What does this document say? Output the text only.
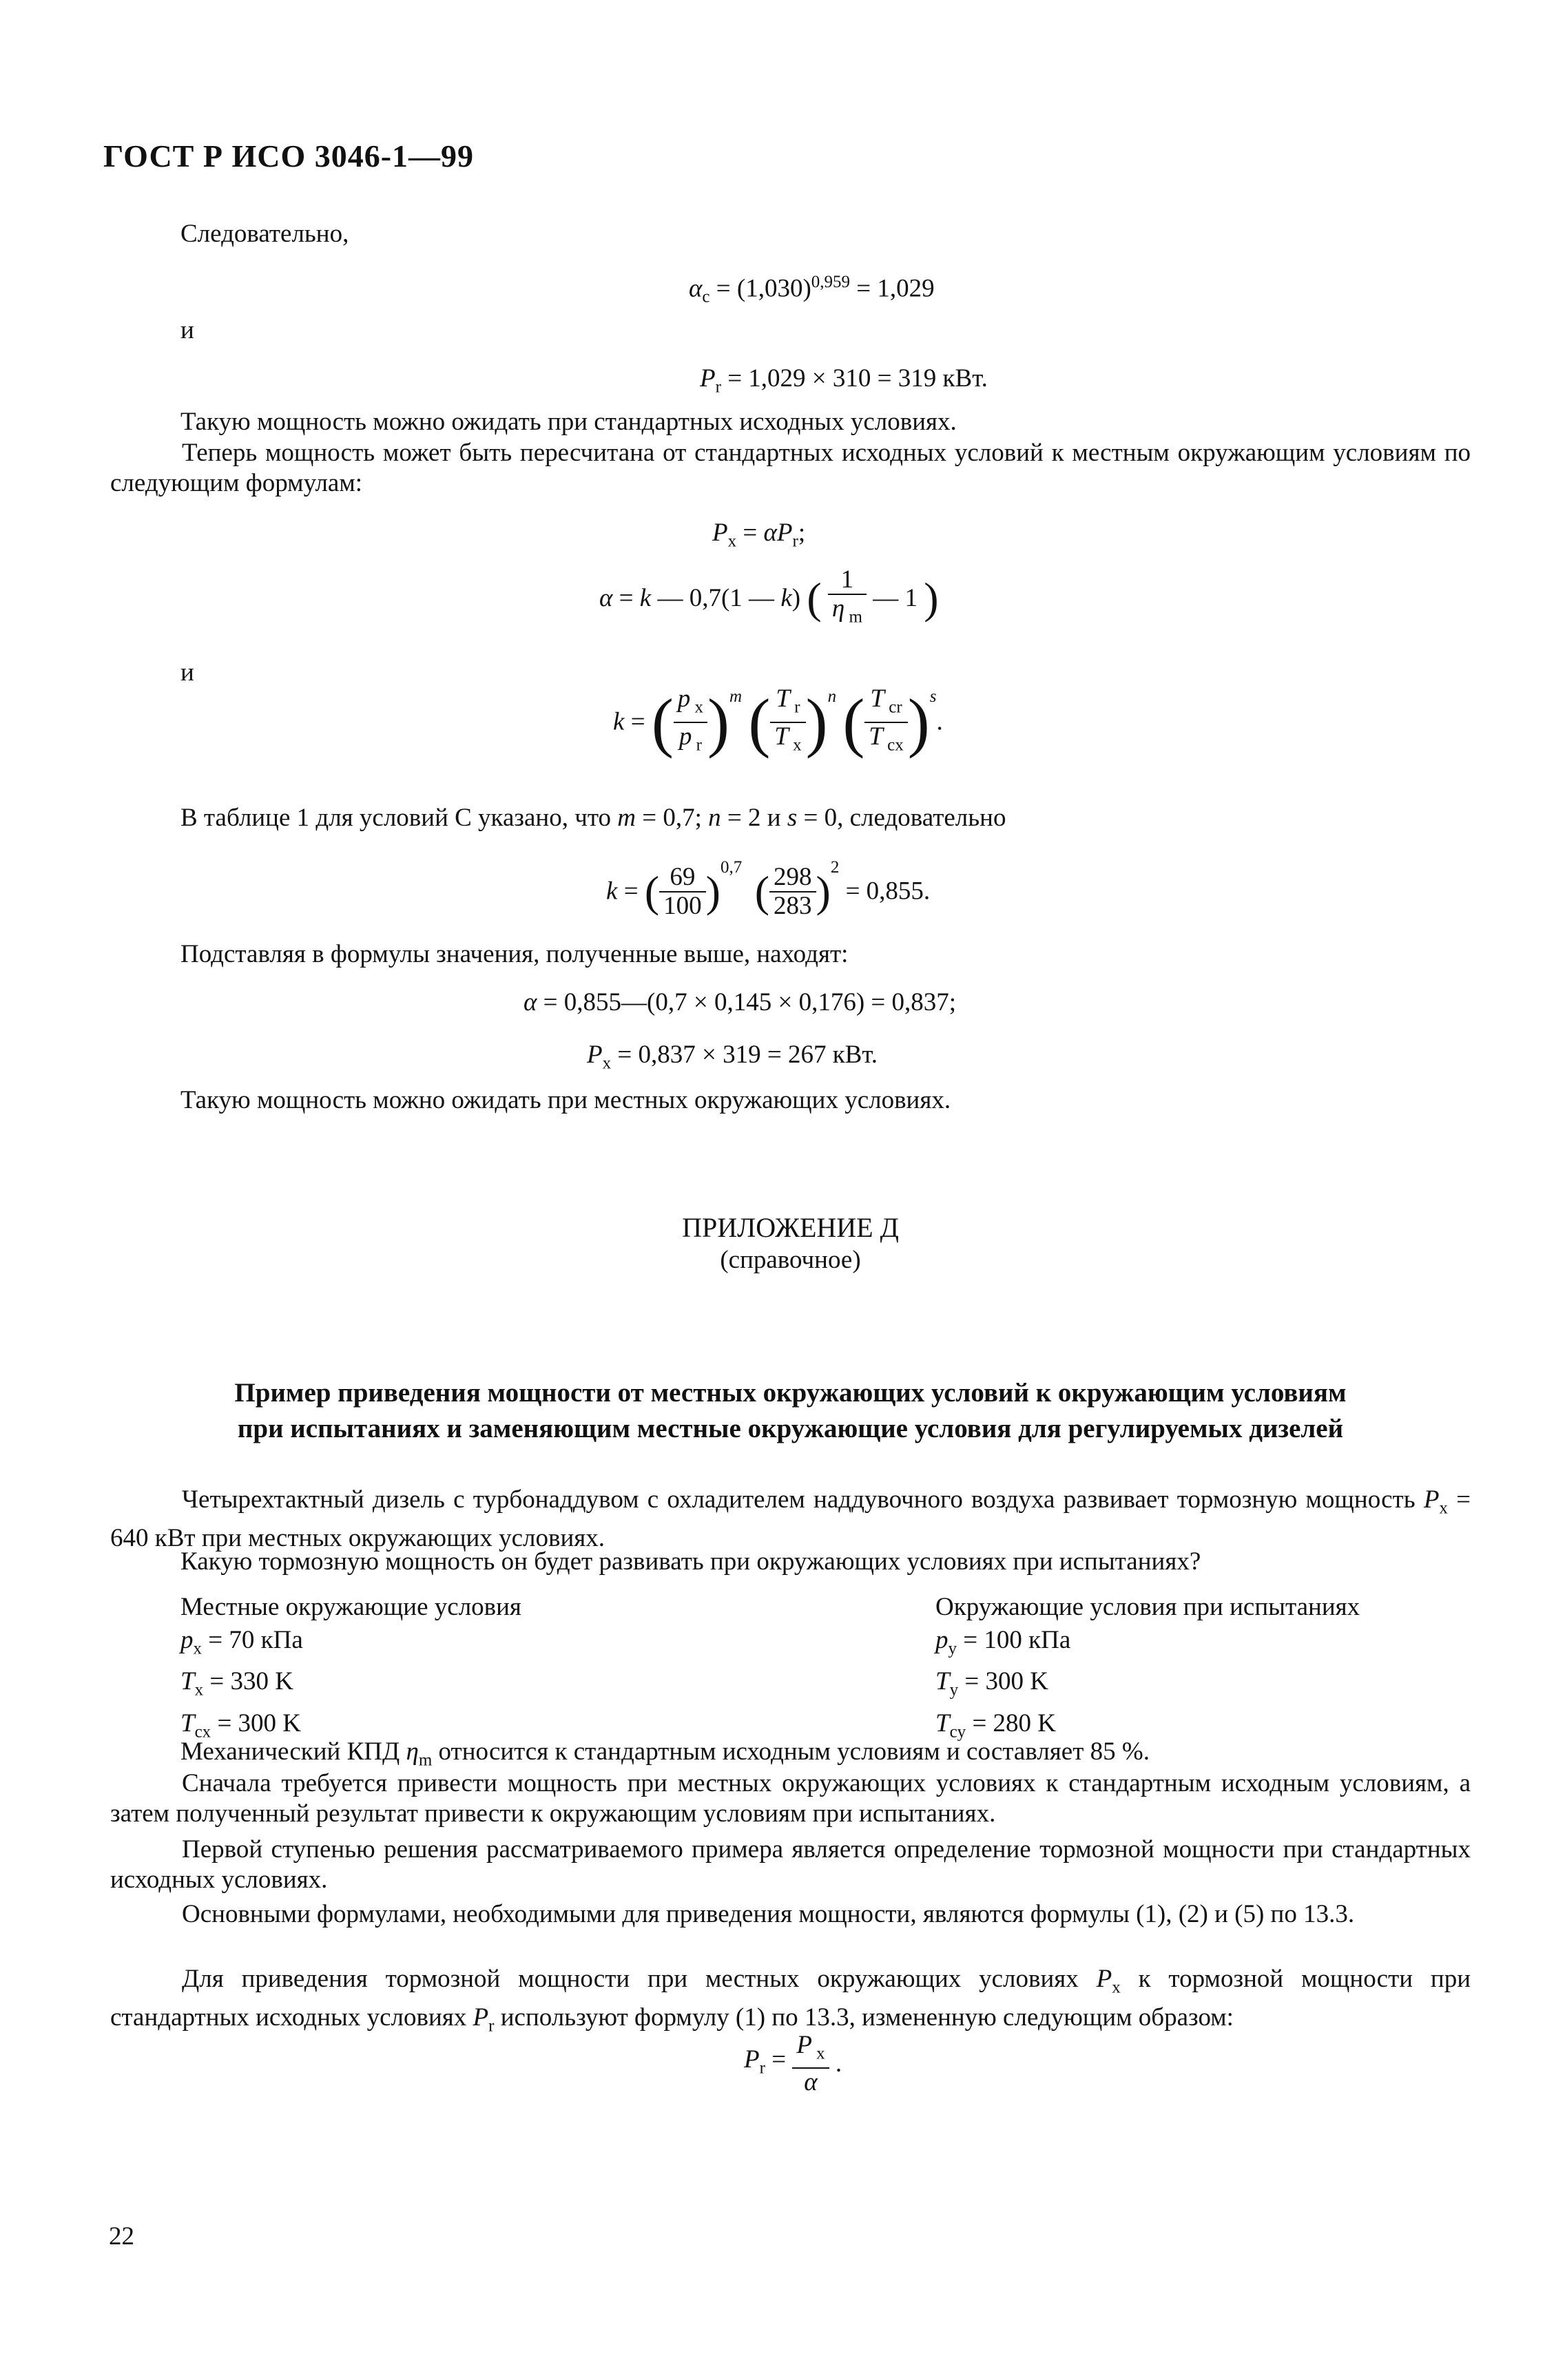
ГОСТ Р ИСО 3046-1—99
Следовательно,
$\alpha_c = (1,030)^{0,959} = 1,029$
и
$P_r = 1,029 \times 310 = 319$ кВт.
Такую мощность можно ожидать при стандартных исходных условиях.
Теперь мощность может быть пересчитана от стандартных исходных условий к местным окружающим условиям по следующим формулам:
$P_x = \alpha P_r$;
α = k — 0,7(1 — k) ( $\frac{1}{\eta _m}$ — 1 )
и
k = ( $\frac{p _x}{p _r} )^m$ ( $\frac{T _r}{T _x} )^n$ ( $\frac{T _{cr}}{T _{cx}} )^s$.
В таблице 1 для условий С указано, что m = 0,7; n = 2 и s = 0, следовательно
k = ( $\frac{69}{100} )^{0,7}$ ( $\frac{298}{283} )^2 = 0,855$.
Подставляя в формулы значения, полученные выше, находят:
α = 0,855—(0,7 × 0,145 × 0,176) = 0,837;
$P_x = 0,837 \times 319 = 267$ кВт.
Такую мощность можно ожидать при местных окружающих условиях.
ПРИЛОЖЕНИЕ Д
(справочное)
Пример приведения мощности от местных окружающих условий к окружающим условиям
при испытаниях и заменяющим местные окружающие условия для регулируемых дизелей
Четырехтактный дизель с турбонаддувом с охладителем наддувочного воздуха развивает тормозную мощность $P_x = 640$ кВт при местных окружающих условиях.
Какую тормозную мощность он будет развивать при окружающих условиях при испытаниях?
Местные окружающие условия
$p_x = 70$ кПа
$T_x = 330$ K
$T_{cx} = 300$ K
Окружающие условия при испытаниях
$p_y = 100$ кПа
$T_y = 300$ K
$T_{cy} = 280$ K
Механический КПД $\eta_m$ относится к стандартным исходным условиям и составляет 85 %.
Сначала требуется привести мощность при местных окружающих условиях к стандартным исходным условиям, а затем полученный результат привести к окружающим условиям при испытаниях.
Первой ступенью решения рассматриваемого примера является определение тормозной мощности при стандартных исходных условиях.
Основными формулами, необходимыми для приведения мощности, являются формулы (1), (2) и (5) по 13.3.
Для приведения тормозной мощности при местных окружающих условиях $P_x$ к тормозной мощности при стандартных исходных условиях $P_r$ используют формулу (1) по 13.3, измененную следующим образом:
$P_r = \frac{P _x}{\alpha}$ .
22
